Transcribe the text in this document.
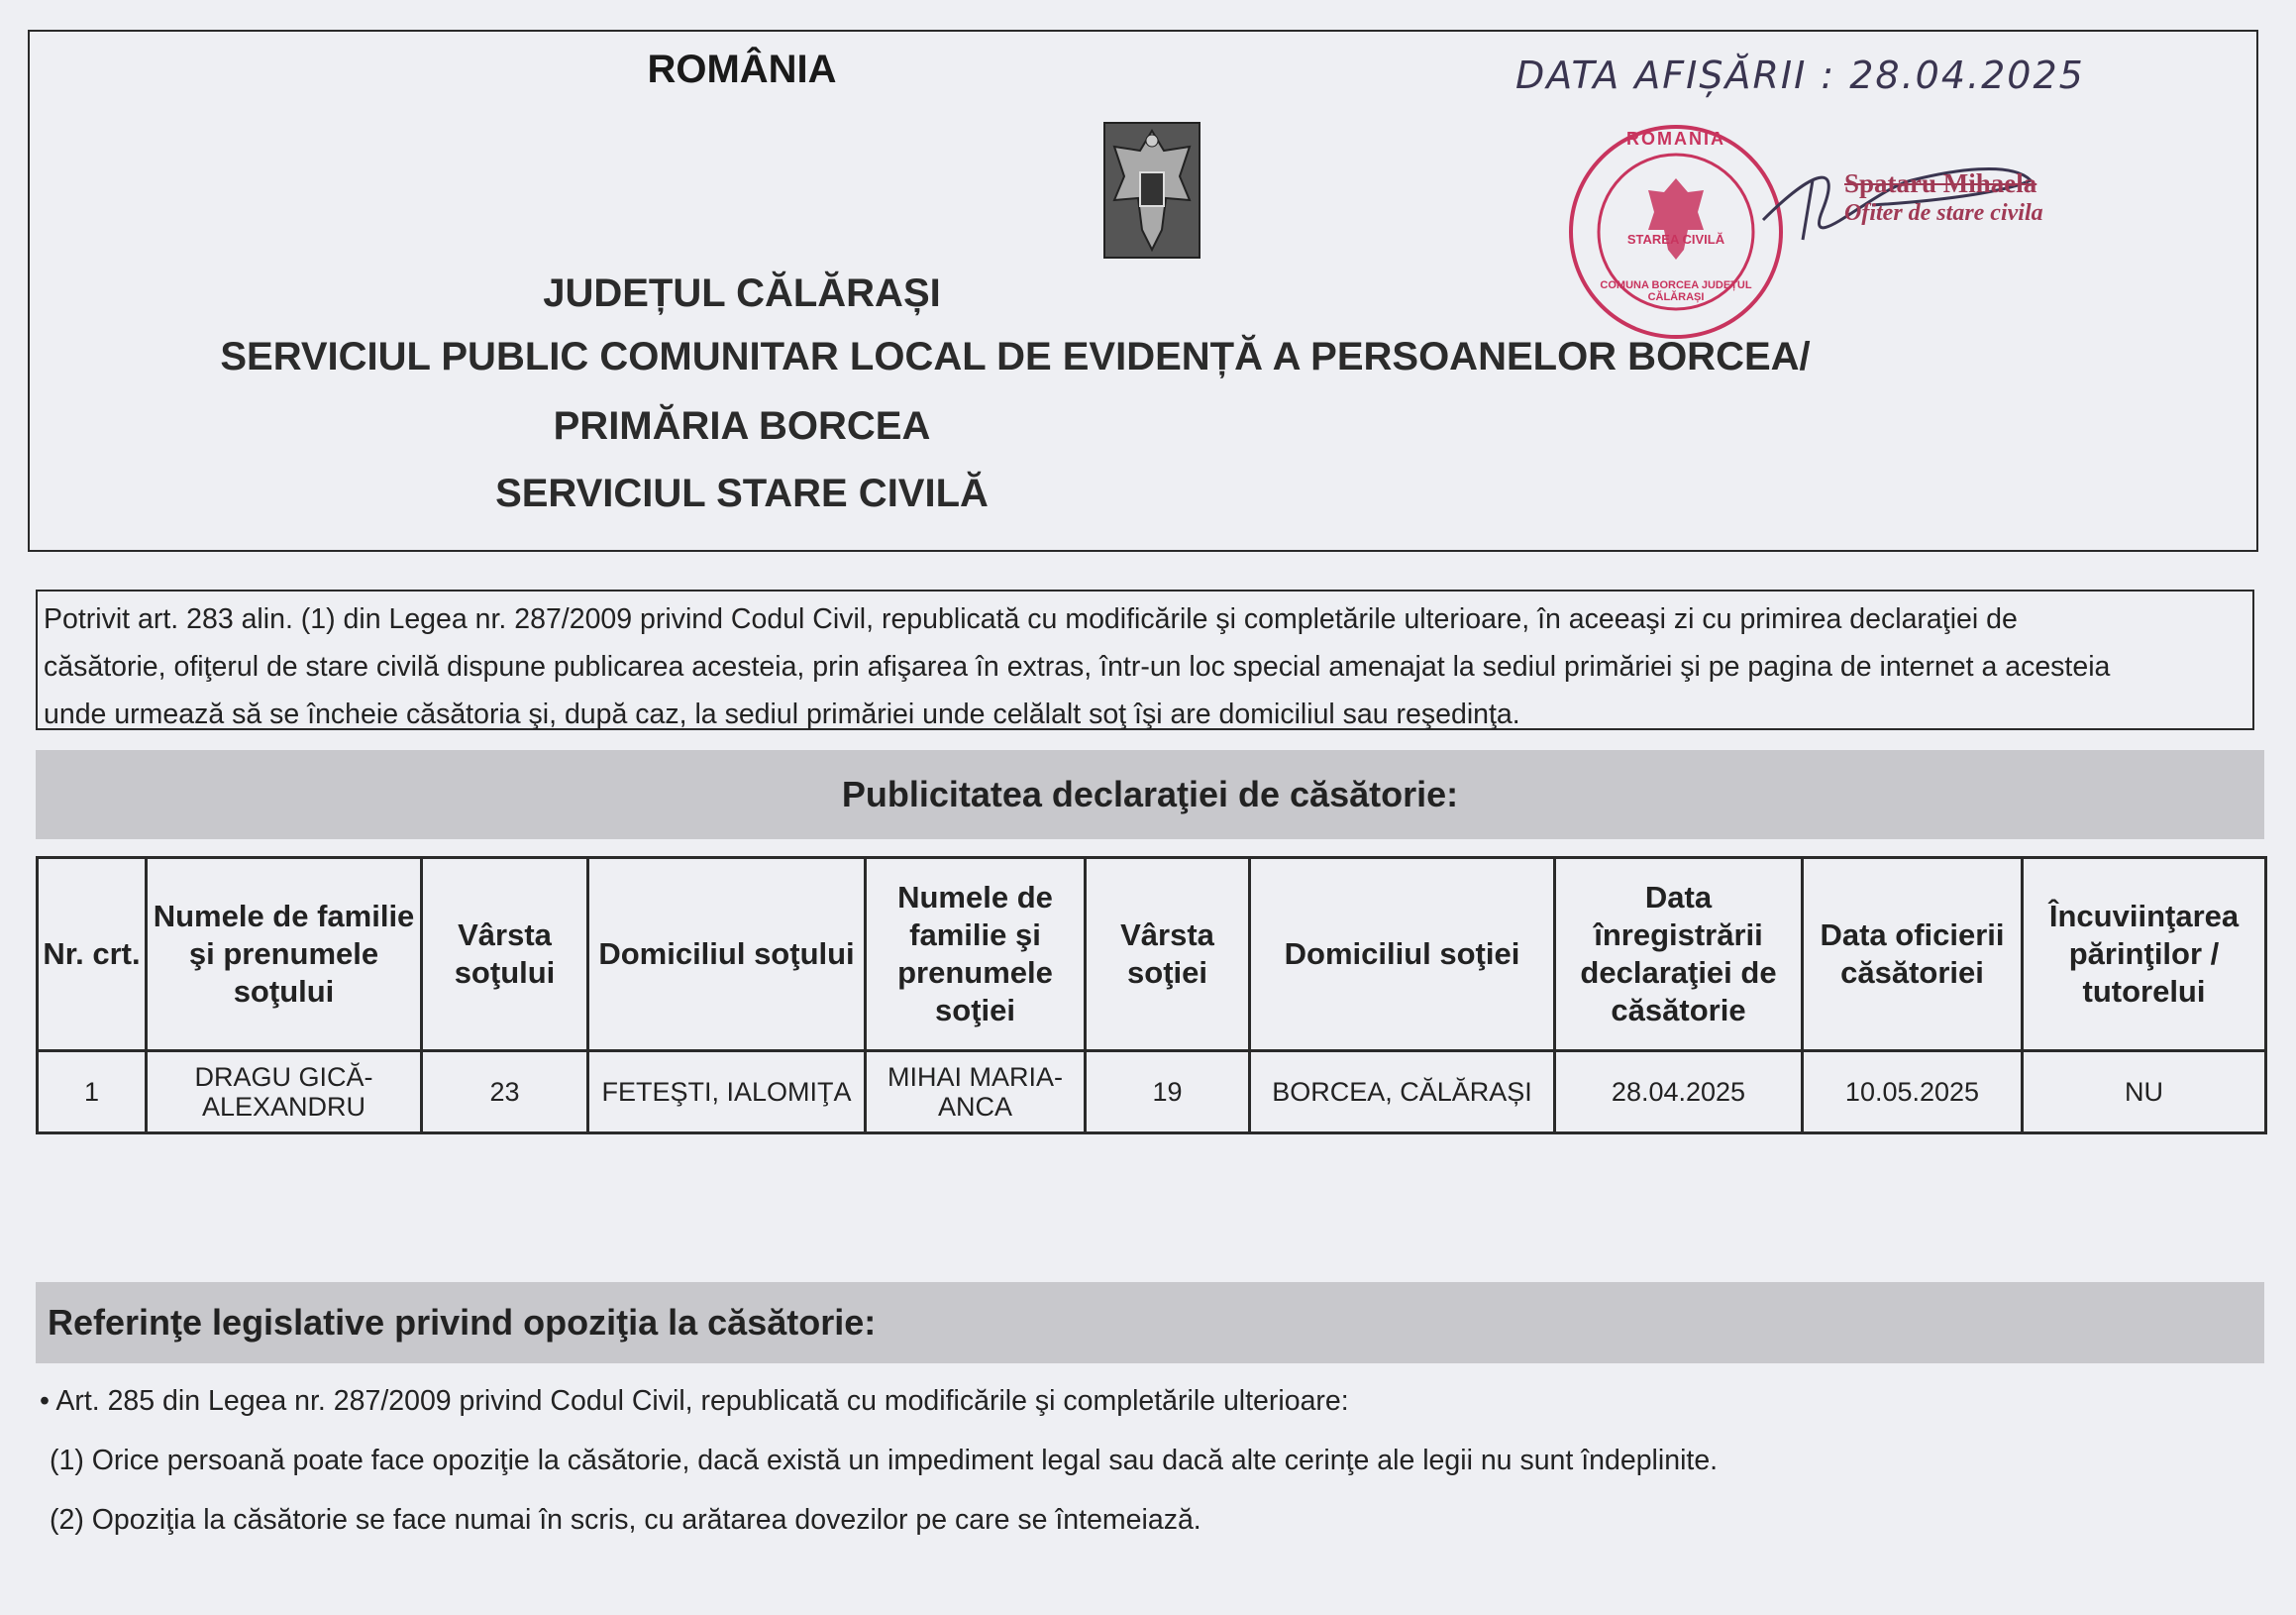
ROMÂNIA
JUDEȚUL CĂLĂRAȘI
SERVICIUL PUBLIC COMUNITAR LOCAL DE EVIDENȚĂ A PERSOANELOR BORCEA/
PRIMĂRIA BORCEA
SERVICIUL STARE CIVILĂ
DATA AFIȘĂRII : 28.04.2025
ROMANIA
STAREA CIVILĂ
COMUNA BORCEA JUDEȚUL CĂLĂRAȘI
Spataru Mihaela
Ofiter de stare civila
Potrivit art. 283 alin. (1) din Legea nr. 287/2009 privind Codul Civil, republicată cu modificările şi completările ulterioare, în aceeaşi zi cu primirea declaraţiei de
căsătorie, ofiţerul de stare civilă dispune publicarea acesteia, prin afişarea în extras, într-un loc special amenajat la sediul primăriei şi pe pagina de internet a acesteia
unde urmează să se încheie căsătoria şi, după caz, la sediul primăriei unde celălalt soţ îşi are domiciliul sau reşedinţa.
Publicitatea declaraţiei de căsătorie:
Nr. crt.	Numele de familie şi prenumele soţului	Vârsta soţului	Domiciliul soţului	Numele de familie şi prenumele soţiei	Vârsta soţiei	Domiciliul soţiei	Data înregistrării declaraţiei de căsătorie	Data oficierii căsătoriei	Încuviinţarea părinţilor / tutorelui
1	DRAGU GICĂ-ALEXANDRU	23	FETEŞTI, IALOMIŢA	MIHAI MARIA-ANCA	19	BORCEA, CĂLĂRAȘI	28.04.2025	10.05.2025	NU
Referinţe legislative privind opoziţia la căsătorie:
• Art. 285 din Legea nr. 287/2009 privind Codul Civil, republicată cu modificările şi completările ulterioare:
(1) Orice persoană poate face opoziţie la căsătorie, dacă există un impediment legal sau dacă alte cerinţe ale legii nu sunt îndeplinite.
(2) Opoziţia la căsătorie se face numai în scris, cu arătarea dovezilor pe care se întemeiază.
